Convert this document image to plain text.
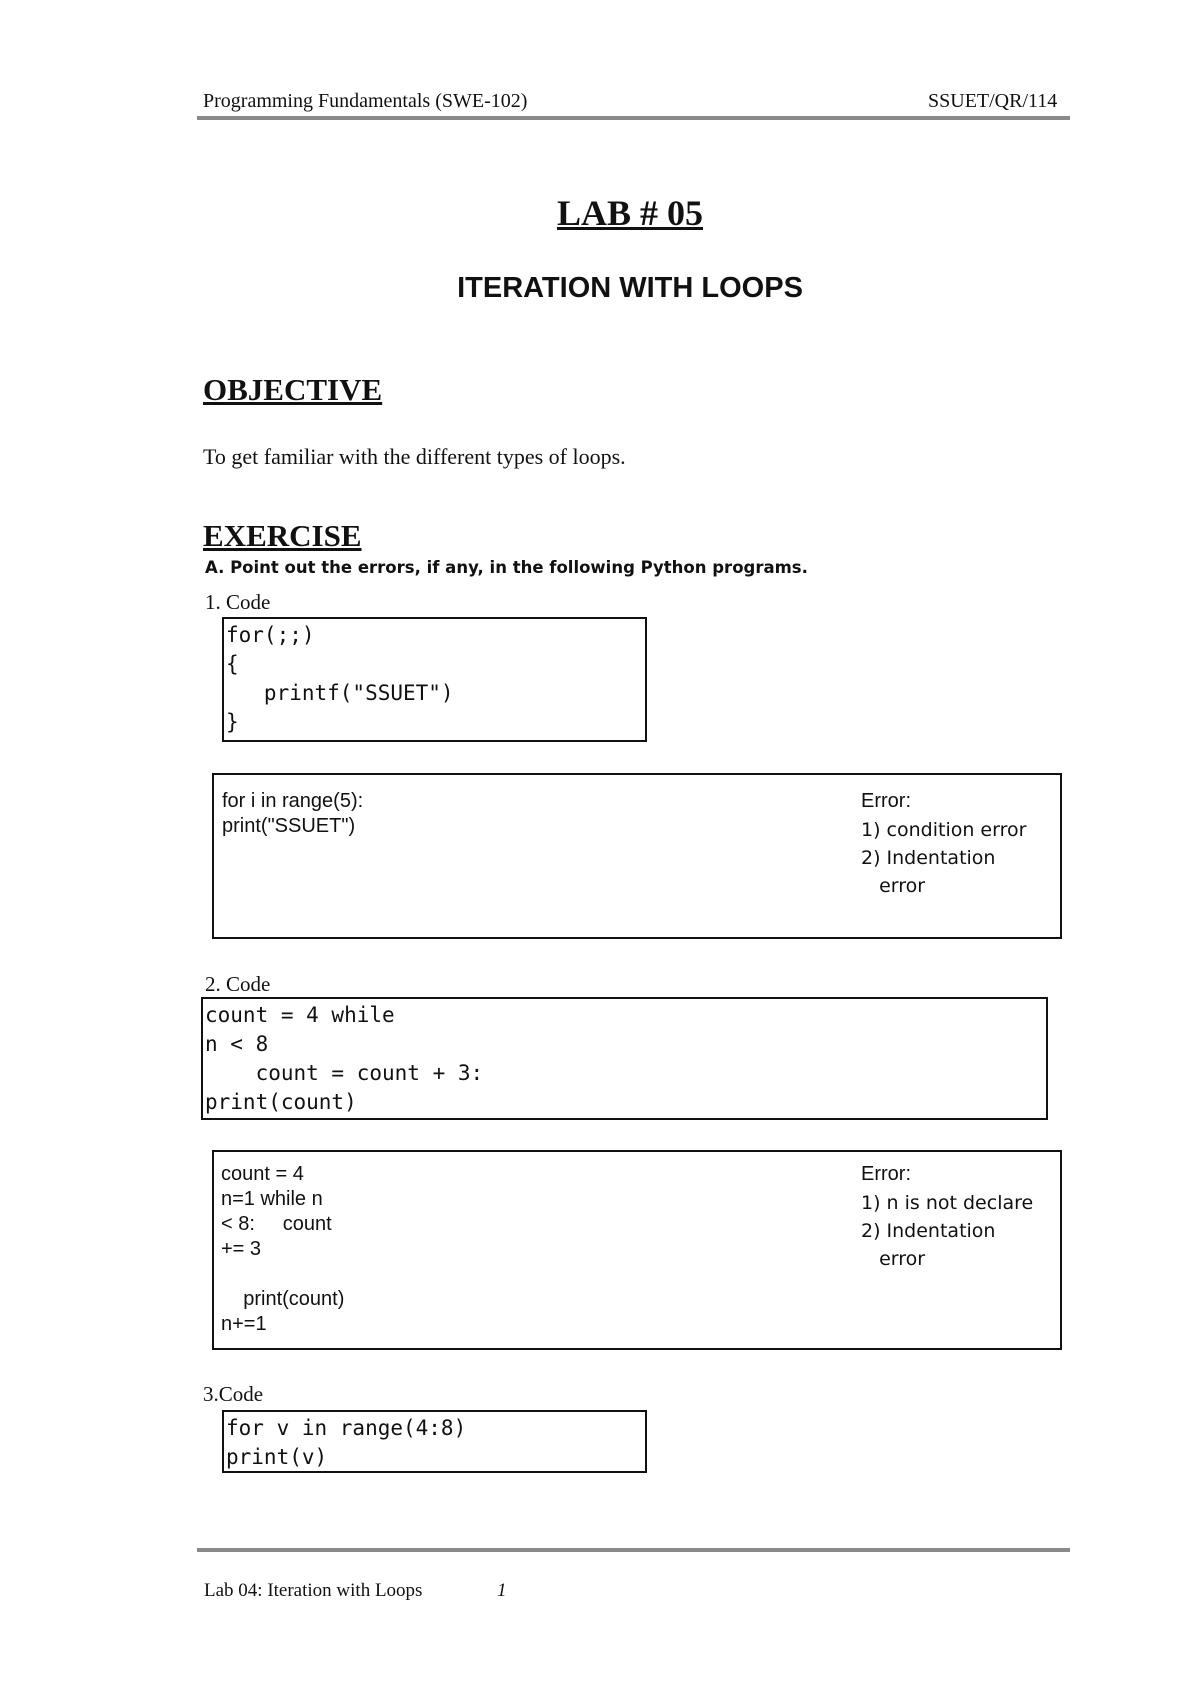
Programming Fundamentals (SWE-102)	SSUET/QR/114
LAB # 05
ITERATION WITH LOOPS
OBJECTIVE
To get familiar with the different types of loops.
EXERCISE
A. Point out the errors, if any, in the following Python programs.
1. Code
for(;;)
{
printf("SSUET")
}
for i in range(5):
print("SSUET")
Error:
1) condition error
2) Indentation
error
2. Code
count = 4 while
n < 8
count = count + 3:
print(count)
count = 4
n=1 while n
< 8:     count
+= 3

print(count)
n+=1
Error:
1) n is not declare
2) Indentation
error
3.Code
for v in range(4:8)
print(v)
Lab 04: Iteration with Loops	1
